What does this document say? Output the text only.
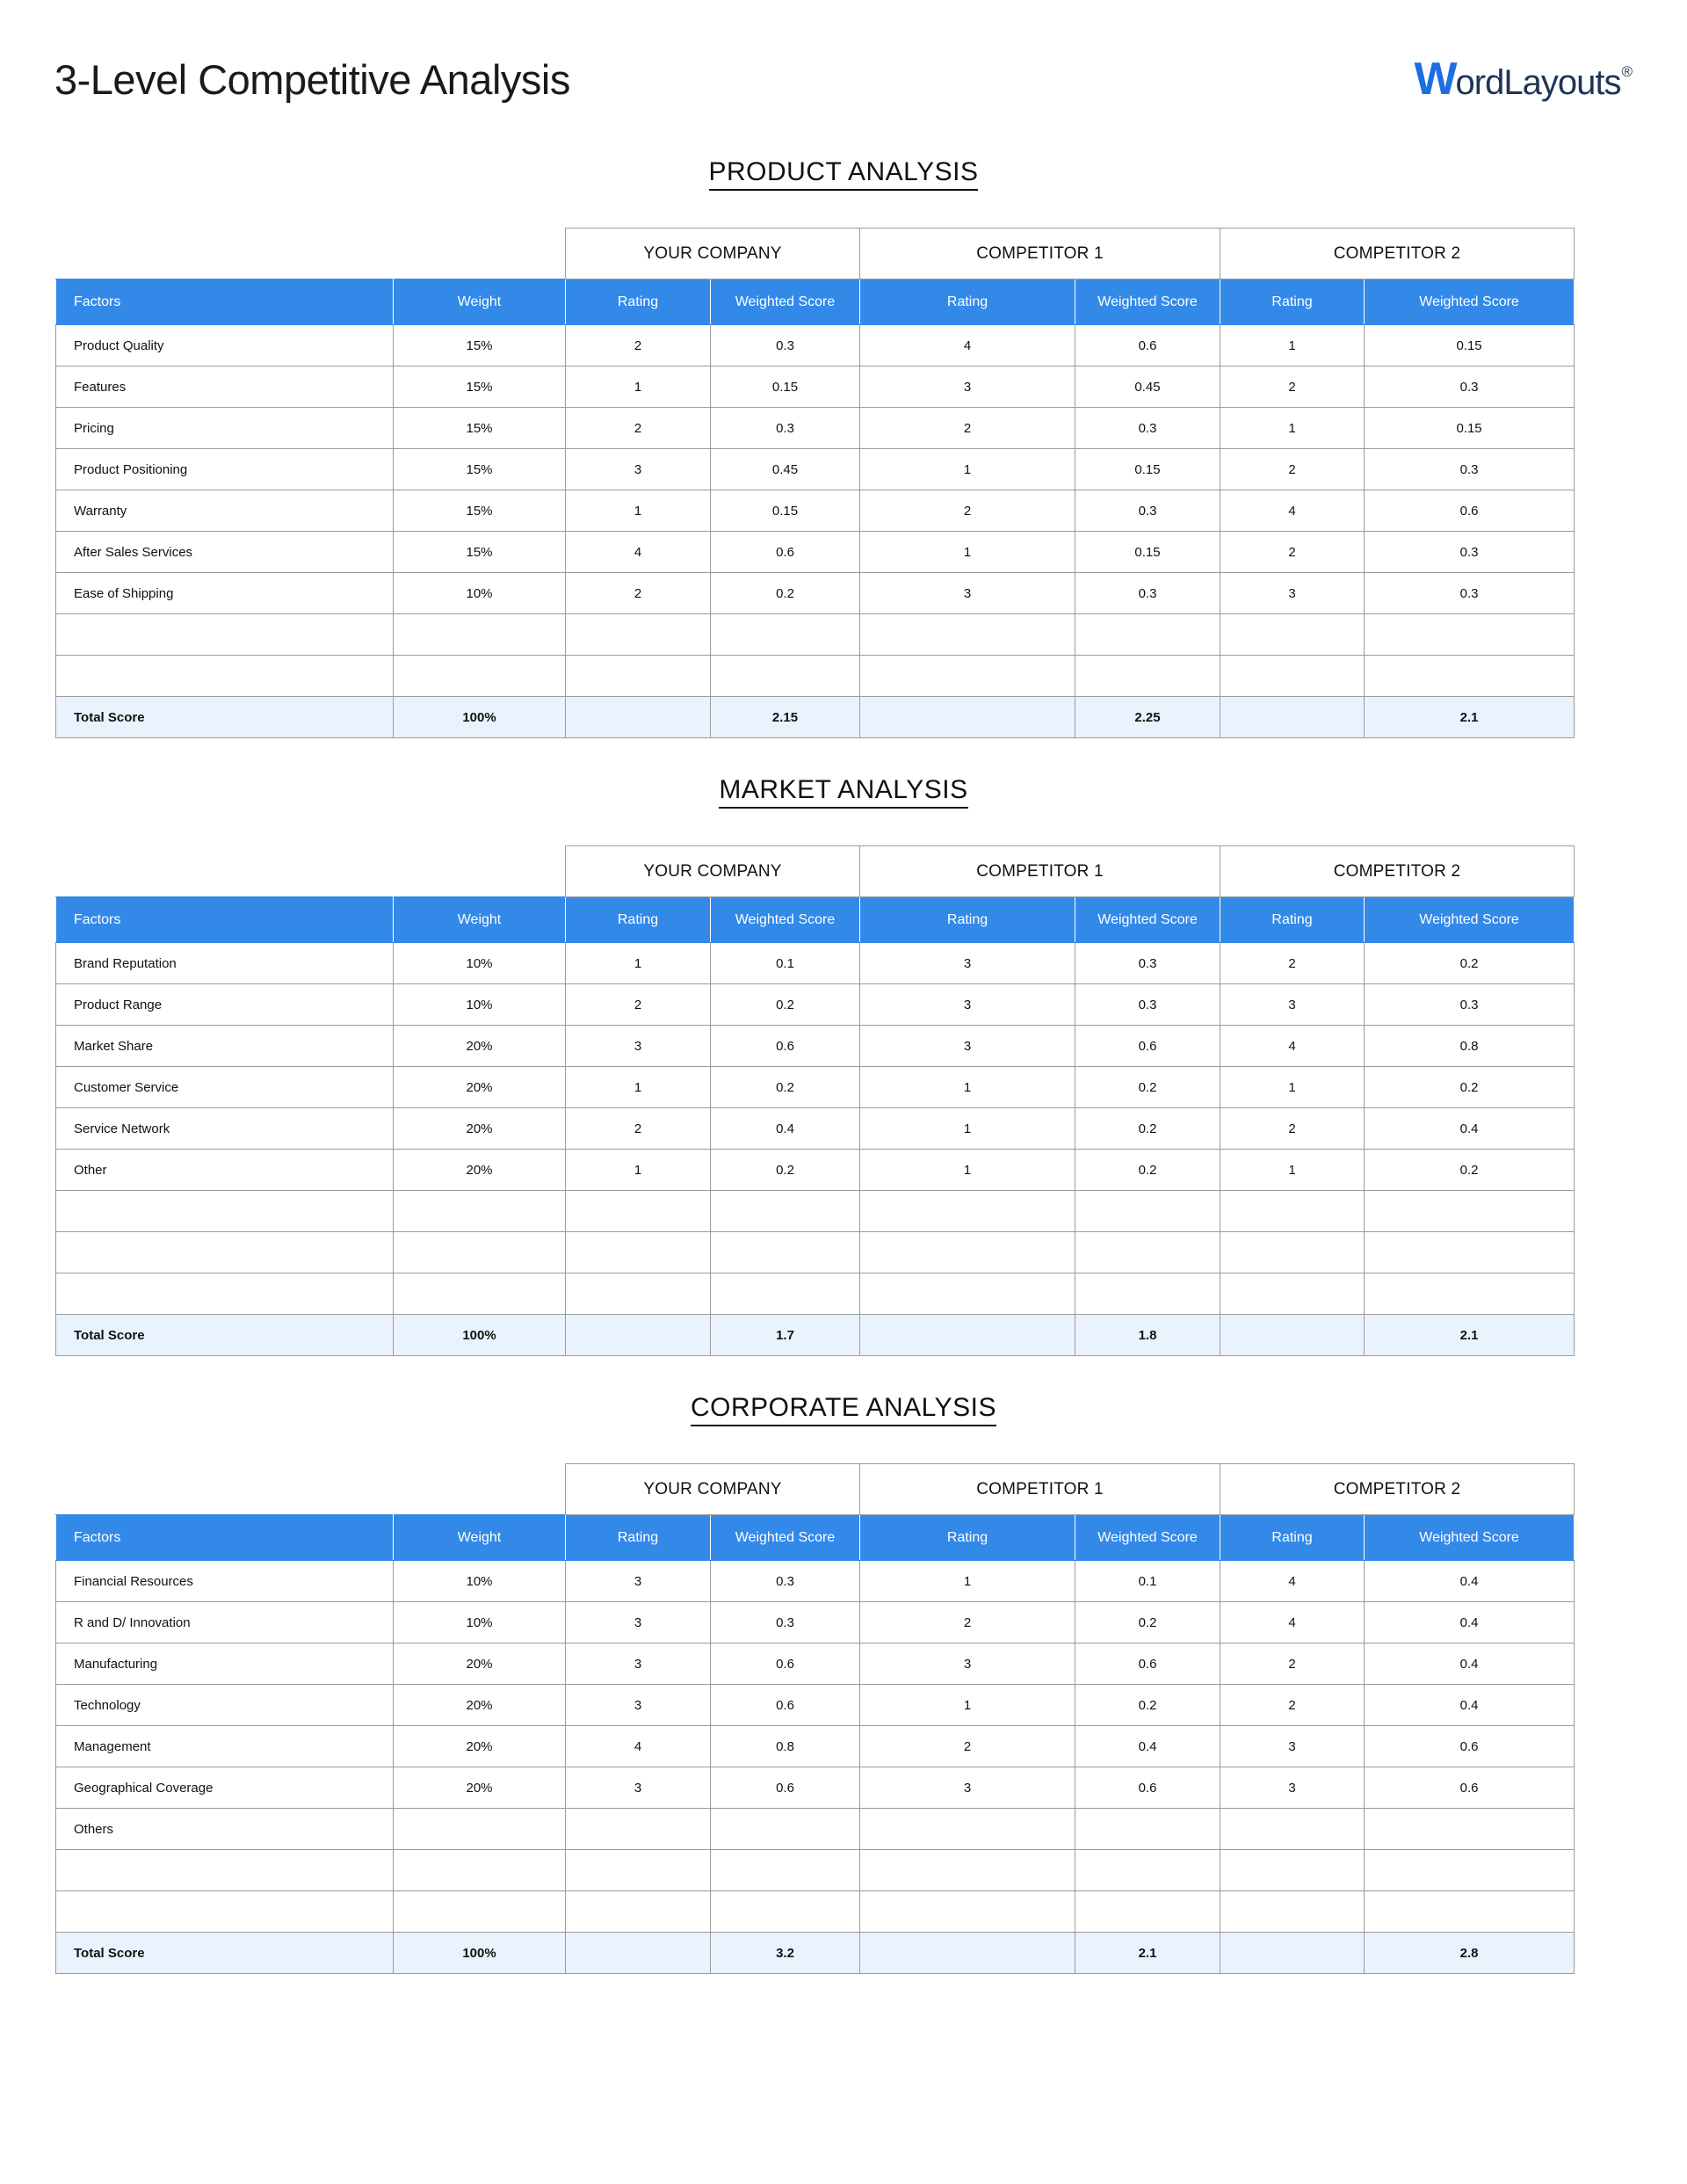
3-Level Competitive Analysis	W ordLayouts ®
PRODUCT ANALYSIS
		YOUR COMPANY		COMPETITOR 1		COMPETITOR 2	
Factors	Weight	Rating	Weighted Score	Rating	Weighted Score	Rating	Weighted Score
Product Quality	15%	2	0.3	4	0.6	1	0.15
Features	15%	1	0.15	3	0.45	2	0.3
Pricing	15%	2	0.3	2	0.3	1	0.15
Product Positioning	15%	3	0.45	1	0.15	2	0.3
Warranty	15%	1	0.15	2	0.3	4	0.6
After Sales Services	15%	4	0.6	1	0.15	2	0.3
Ease of Shipping	10%	2	0.2	3	0.3	3	0.3

Total Score	100%		2.15		2.25		2.1
MARKET ANALYSIS
		YOUR COMPANY		COMPETITOR 1		COMPETITOR 2	
Factors	Weight	Rating	Weighted Score	Rating	Weighted Score	Rating	Weighted Score
Brand Reputation	10%	1	0.1	3	0.3	2	0.2
Product Range	10%	2	0.2	3	0.3	3	0.3
Market Share	20%	3	0.6	3	0.6	4	0.8
Customer Service	20%	1	0.2	1	0.2	1	0.2
Service Network	20%	2	0.4	1	0.2	2	0.4
Other	20%	1	0.2	1	0.2	1	0.2

Total Score	100%		1.7		1.8		2.1
CORPORATE ANALYSIS
		YOUR COMPANY		COMPETITOR 1		COMPETITOR 2	
Factors	Weight	Rating	Weighted Score	Rating	Weighted Score	Rating	Weighted Score
Financial Resources	10%	3	0.3	1	0.1	4	0.4
R and D/ Innovation	10%	3	0.3	2	0.2	4	0.4
Manufacturing	20%	3	0.6	3	0.6	2	0.4
Technology	20%	3	0.6	1	0.2	2	0.4
Management	20%	4	0.8	2	0.4	3	0.6
Geographical Coverage	20%	3	0.6	3	0.6	3	0.6
Others							

Total Score	100%		3.2		2.1		2.8
